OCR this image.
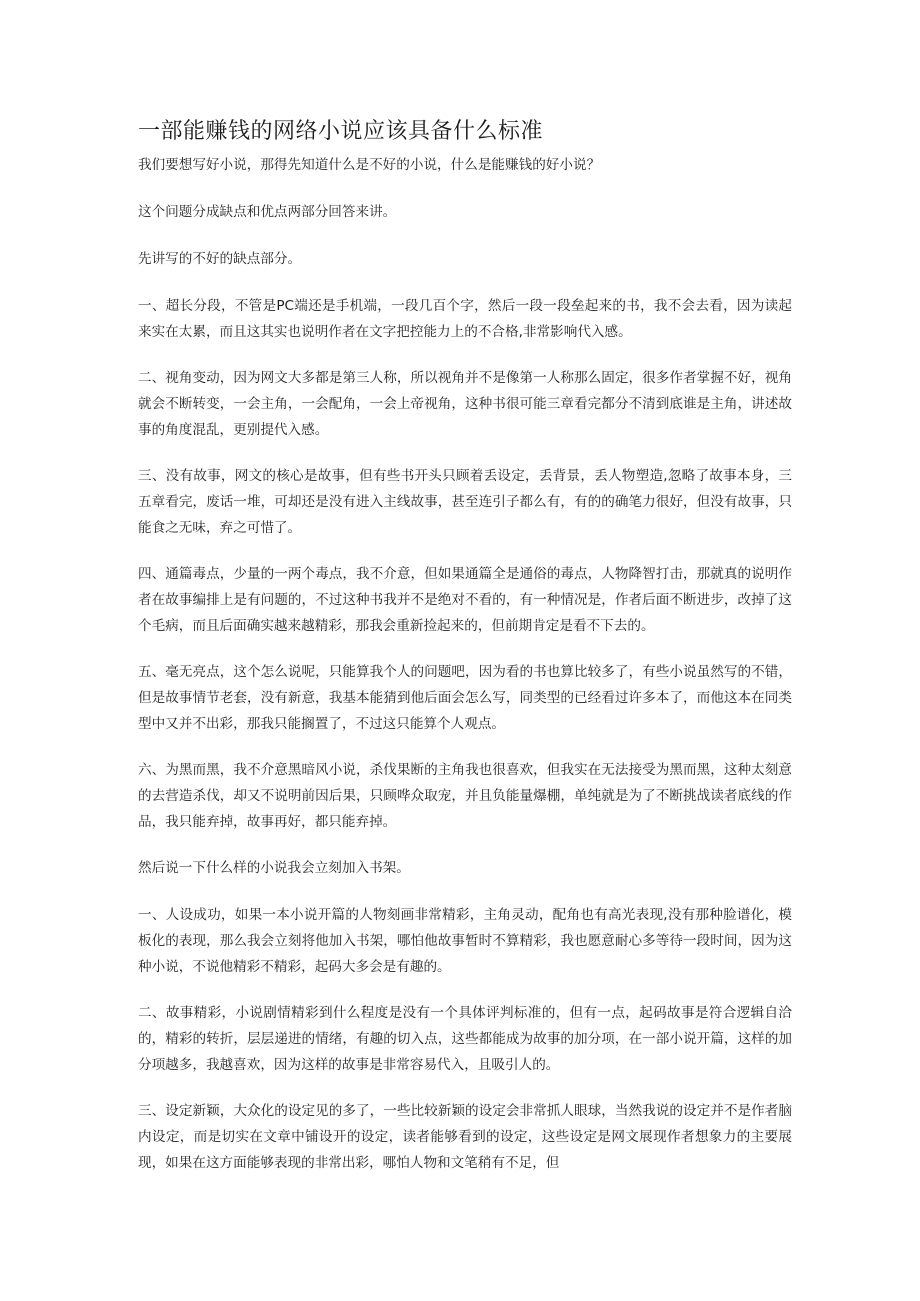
一部能赚钱的网络小说应该具备什么标准

我们要想写好小说，那得先知道什么是不好的小说，什么是能赚钱的好小说？

这个问题分成缺点和优点两部分回答来讲。

先讲写的不好的缺点部分。

一、超长分段，不管是PC端还是手机端，一段几百个字，然后一段一段垒起来的书，我不会去看，因为读起来实在太累，而且这其实也说明作者在文字把控能力上的不合格,非常影响代入感。

二、视角变动，因为网文大多都是第三人称，所以视角并不是像第一人称那么固定，很多作者掌握不好，视角就会不断转变，一会主角，一会配角，一会上帝视角，这种书很可能三章看完都分不清到底谁是主角，讲述故事的角度混乱，更别提代入感。

三、没有故事，网文的核心是故事，但有些书开头只顾着丢设定，丢背景，丢人物塑造,忽略了故事本身，三五章看完，废话一堆，可却还是没有进入主线故事，甚至连引子都么有，有的的确笔力很好，但没有故事，只能食之无味，弃之可惜了。

四、通篇毒点，少量的一两个毒点，我不介意，但如果通篇全是通俗的毒点，人物降智打击，那就真的说明作者在故事编排上是有问题的，不过这种书我并不是绝对不看的，有一种情况是，作者后面不断进步，改掉了这个毛病，而且后面确实越来越精彩，那我会重新捡起来的，但前期肯定是看不下去的。

五、毫无亮点，这个怎么说呢，只能算我个人的问题吧，因为看的书也算比较多了，有些小说虽然写的不错，但是故事情节老套，没有新意，我基本能猜到他后面会怎么写，同类型的已经看过许多本了，而他这本在同类型中又并不出彩，那我只能搁置了，不过这只能算个人观点。

六、为黑而黑，我不介意黑暗风小说，杀伐果断的主角我也很喜欢，但我实在无法接受为黑而黑，这种太刻意的去营造杀伐，却又不说明前因后果，只顾哗众取宠，并且负能量爆棚，单纯就是为了不断挑战读者底线的作品，我只能弃掉，故事再好，都只能弃掉。

然后说一下什么样的小说我会立刻加入书架。

一、人设成功，如果一本小说开篇的人物刻画非常精彩，主角灵动，配角也有高光表现,没有那种脸谱化，模板化的表现，那么我会立刻将他加入书架，哪怕他故事暂时不算精彩，我也愿意耐心多等待一段时间，因为这种小说，不说他精彩不精彩，起码大多会是有趣的。

二、故事精彩，小说剧情精彩到什么程度是没有一个具体评判标准的，但有一点，起码故事是符合逻辑自洽的，精彩的转折，层层递进的情绪，有趣的切入点，这些都能成为故事的加分项，在一部小说开篇，这样的加分项越多，我越喜欢，因为这样的故事是非常容易代入，且吸引人的。

三、设定新颖，大众化的设定见的多了，一些比较新颖的设定会非常抓人眼球，当然我说的设定并不是作者脑内设定，而是切实在文章中铺设开的设定，读者能够看到的设定，这些设定是网文展现作者想象力的主要展现，如果在这方面能够表现的非常出彩，哪怕人物和文笔稍有不足，但
